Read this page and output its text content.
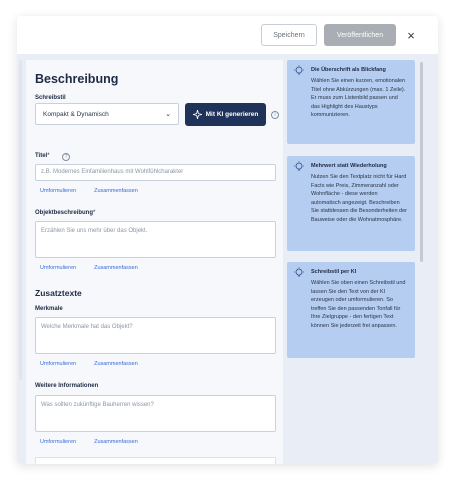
Speichern	Veröffentlichen	×
Beschreibung
Schreibstil
Kompakt & Dynamisch	⌄	Mit KI generieren	i
Titel*	?
z.B. Modernes Einfamilienhaus mit Wohlfühlcharakter
Umformulieren	Zusammenfassen
Objektbeschreibung*
Erzählen Sie uns mehr über das Objekt.
Umformulieren	Zusammenfassen
Zusatztexte
Merkmale
Welche Merkmale hat das Objekt?
Umformulieren	Zusammenfassen
Weitere Informationen
Was sollten zukünftige Bauherren wissen?
Umformulieren	Zusammenfassen
Die Überschrift als Blickfang
Wählen Sie einen kurzen, emotionalen Titel ohne Abkürzungen (max. 1 Zeile). Er muss zum Listenbild passen und das Highlight des Haustyps kommunizieren.
Mehrwert statt Wiederholung
Nutzen Sie den Textplatz nicht für Hard Facts wie Preis, Zimmeranzahl oder Wohnfläche - diese werden automatisch angezeigt. Beschreiben Sie stattdessen die Besonderheiten der Bauweise oder die Wohnatmosphäre.
Schreibstil per KI
Wählen Sie oben einen Schreibstil und lassen Sie den Text von der KI erzeugen oder umformulieren. So treffen Sie den passenden Tonfall für Ihre Zielgruppe - den fertigen Text können Sie jederzeit frei anpassen.
